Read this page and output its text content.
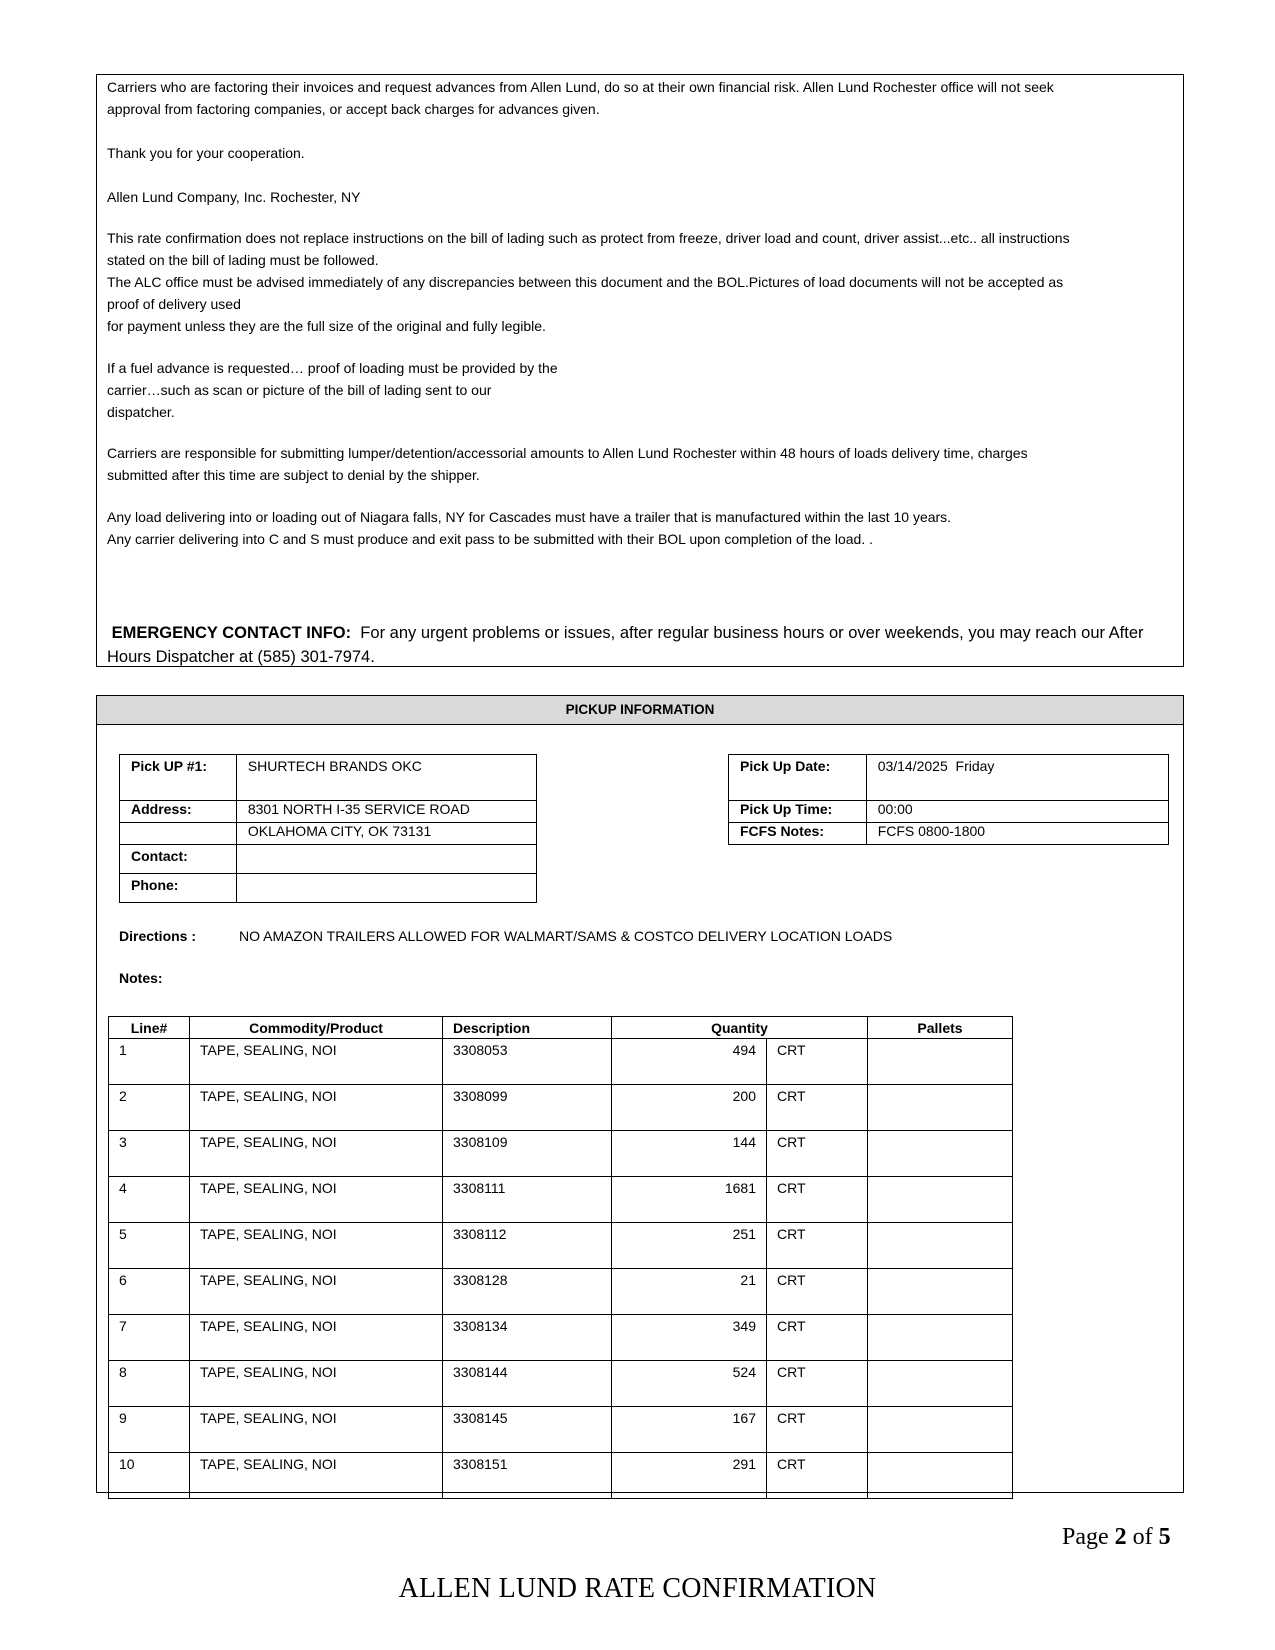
Carriers who are factoring their invoices and request advances from Allen Lund, do so at their own financial risk. Allen Lund Rochester office will not seek
approval from factoring companies, or accept back charges for advances given.
Thank you for your cooperation.
Allen Lund Company, Inc. Rochester, NY
This rate confirmation does not replace instructions on the bill of lading such as protect from freeze, driver load and count, driver assist...etc.. all instructions
stated on the bill of lading must be followed.
The ALC office must be advised immediately of any discrepancies between this document and the BOL.Pictures of load documents will not be accepted as
proof of delivery used
for payment unless they are the full size of the original and fully legible.
If a fuel advance is requested… proof of loading must be provided by the
carrier…such as scan or picture of the bill of lading sent to our
dispatcher.
Carriers are responsible for submitting lumper/detention/accessorial amounts to Allen Lund Rochester within 48 hours of loads delivery time, charges
submitted after this time are subject to denial by the shipper.
Any load delivering into or loading out of Niagara falls, NY for Cascades must have a trailer that is manufactured within the last 10 years.
Any carrier delivering into C and S must produce and exit pass to be submitted with their BOL upon completion of the load. .
EMERGENCY CONTACT INFO:  For any urgent problems or issues, after regular business hours or over weekends, you may reach our After
Hours Dispatcher at (585) 301-7974.
PICKUP INFORMATION
Pick UP #1:	SHURTECH BRANDS OKC
Address:	8301 NORTH I-35 SERVICE ROAD
	OKLAHOMA CITY, OK 73131
Contact:	
Phone:	
Pick Up Date:	03/14/2025  Friday
Pick Up Time:	00:00
FCFS Notes:	FCFS 0800-1800
Directions :	NO AMAZON TRAILERS ALLOWED FOR WALMART/SAMS & COSTCO DELIVERY LOCATION LOADS
Notes:
Line#	Commodity/Product	Description	Quantity		Pallets
1	TAPE, SEALING, NOI	3308053	494	CRT	
2	TAPE, SEALING, NOI	3308099	200	CRT	
3	TAPE, SEALING, NOI	3308109	144	CRT	
4	TAPE, SEALING, NOI	3308111	1681	CRT	
5	TAPE, SEALING, NOI	3308112	251	CRT	
6	TAPE, SEALING, NOI	3308128	21	CRT	
7	TAPE, SEALING, NOI	3308134	349	CRT	
8	TAPE, SEALING, NOI	3308144	524	CRT	
9	TAPE, SEALING, NOI	3308145	167	CRT	
10	TAPE, SEALING, NOI	3308151	291	CRT	
Page 2 of 5
ALLEN LUND RATE CONFIRMATION
